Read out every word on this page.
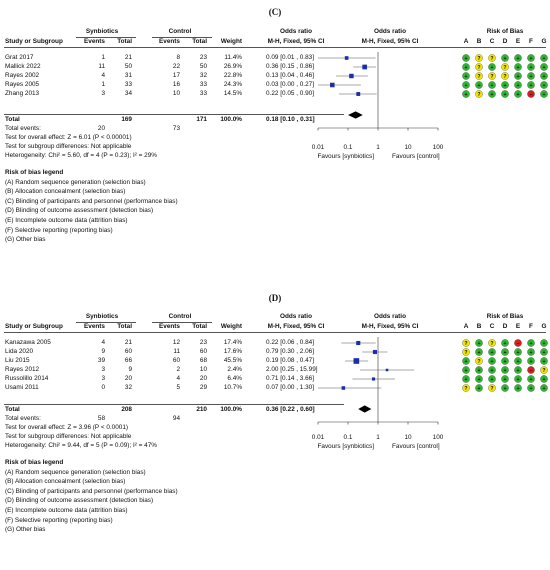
(C)
Synbiotics	Control	Odds ratio	Odds ratio	Risk of Bias
Study or Subgroup	Events	Total	Events	Total	Weight	M-H, Fixed, 95% CI	M-H, Fixed, 95% CI	A	B	C	D	E	F	G
Grat 2017	1	21	8	23	11.4%	0.09 [0.01 , 0.83]
Mallick 2022	11	50	22	50	26.9%	0.36 [0.15 , 0.86]
Rayes 2002	4	31	17	32	22.8%	0.13 [0.04 , 0.46]
Rayes 2005	1	33	16	33	24.3%	0.03 [0.00 , 0.27]
Zhang 2013	3	34	10	33	14.5%	0.22 [0.05 , 0.90]
Total	169	171	100.0%	0.18 [0.10 , 0.31]
Total events:	20	73
Test for overall effect: Z = 6.01 (P < 0.00001)
Test for subgroup differences: Not applicable
Heterogeneity: Chi² = 5.60, df = 4 (P = 0.23); I² = 29%
+ ? ? + + + +
+ ? + ? + + +
+ ? ? ? + + +
+ + + + + + +
+ ? + + + − +
0.01	0.1	1	10	100
Favours [synbiotics]	Favours [control]
Risk of bias legend
(A) Random sequence generation (selection bias)
(B) Allocation concealment (selection bias)
(C) Blinding of participants and personnel (performance bias)
(D) Blinding of outcome assessment (detection bias)
(E) Incomplete outcome data (attrition bias)
(F) Selective reporting (reporting bias)
(G) Other bias
(D)
Synbiotics	Control	Odds ratio	Odds ratio	Risk of Bias
Study or Subgroup	Events	Total	Events	Total	Weight	M-H, Fixed, 95% CI	M-H, Fixed, 95% CI	A	B	C	D	E	F	G
Kanazawa 2005	4	21	12	23	17.4%	0.22 [0.06 , 0.84]
Lida 2020	9	60	11	60	17.6%	0.79 [0.30 , 2.06]
Liu 2015	39	66	60	68	45.5%	0.19 [0.08 , 0.47]
Rayes 2012	3	9	2	10	2.4%	2.00 [0.25 , 15.99]
Russolillo 2014	3	20	4	20	6.4%	0.71 [0.14 , 3.66]
Usami 2011	0	32	5	29	10.7%	0.07 [0.00 , 1.30]
Total	208	210	100.0%	0.36 [0.22 , 0.60]
Total events:	58	94
Test for overall effect: Z = 3.96 (P < 0.0001)
Test for subgroup differences: Not applicable
Heterogeneity: Chi² = 9.44, df = 5 (P = 0.09); I² = 47%
? + ? + − + +
? + + + + + +
+ ? + + + + +
+ + + + + − ?
+ + + + + + +
? + ? + + + +
0.01	0.1	1	10	100
Favours [synbiotics]	Favours [control]
Risk of bias legend
(A) Random sequence generation (selection bias)
(B) Allocation concealment (selection bias)
(C) Blinding of participants and personnel (performance bias)
(D) Blinding of outcome assessment (detection bias)
(E) Incomplete outcome data (attrition bias)
(F) Selective reporting (reporting bias)
(G) Other bias
